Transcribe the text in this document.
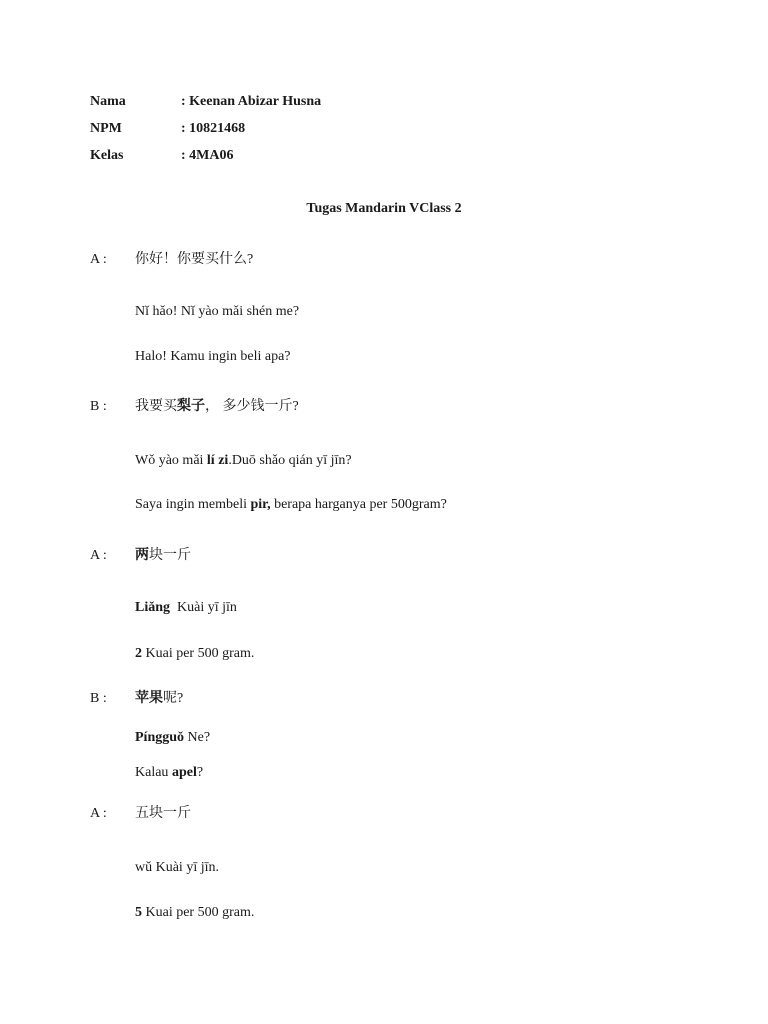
Nama	: Keenan Abizar Husna
NPM	: 10821468
Kelas	: 4MA06
Tugas Mandarin VClass 2
A : 你好！你要买什么?
Nǐ hǎo! Nǐ yào mǎi shén me?
Halo! Kamu ingin beli apa?
B : 我要买梨子， 多少钱一斤?
Wǒ yào mǎi lí zi.Duō shǎo qián yī jīn?
Saya ingin membeli pir, berapa harganya per 500gram?
A : 两块一斤
Liǎng  Kuài yī jīn
2 Kuai per 500 gram.
B : 苹果呢?
Píngguǒ Ne?
Kalau apel?
A : 五块一斤
wǔ Kuài yī jīn.
5 Kuai per 500 gram.
